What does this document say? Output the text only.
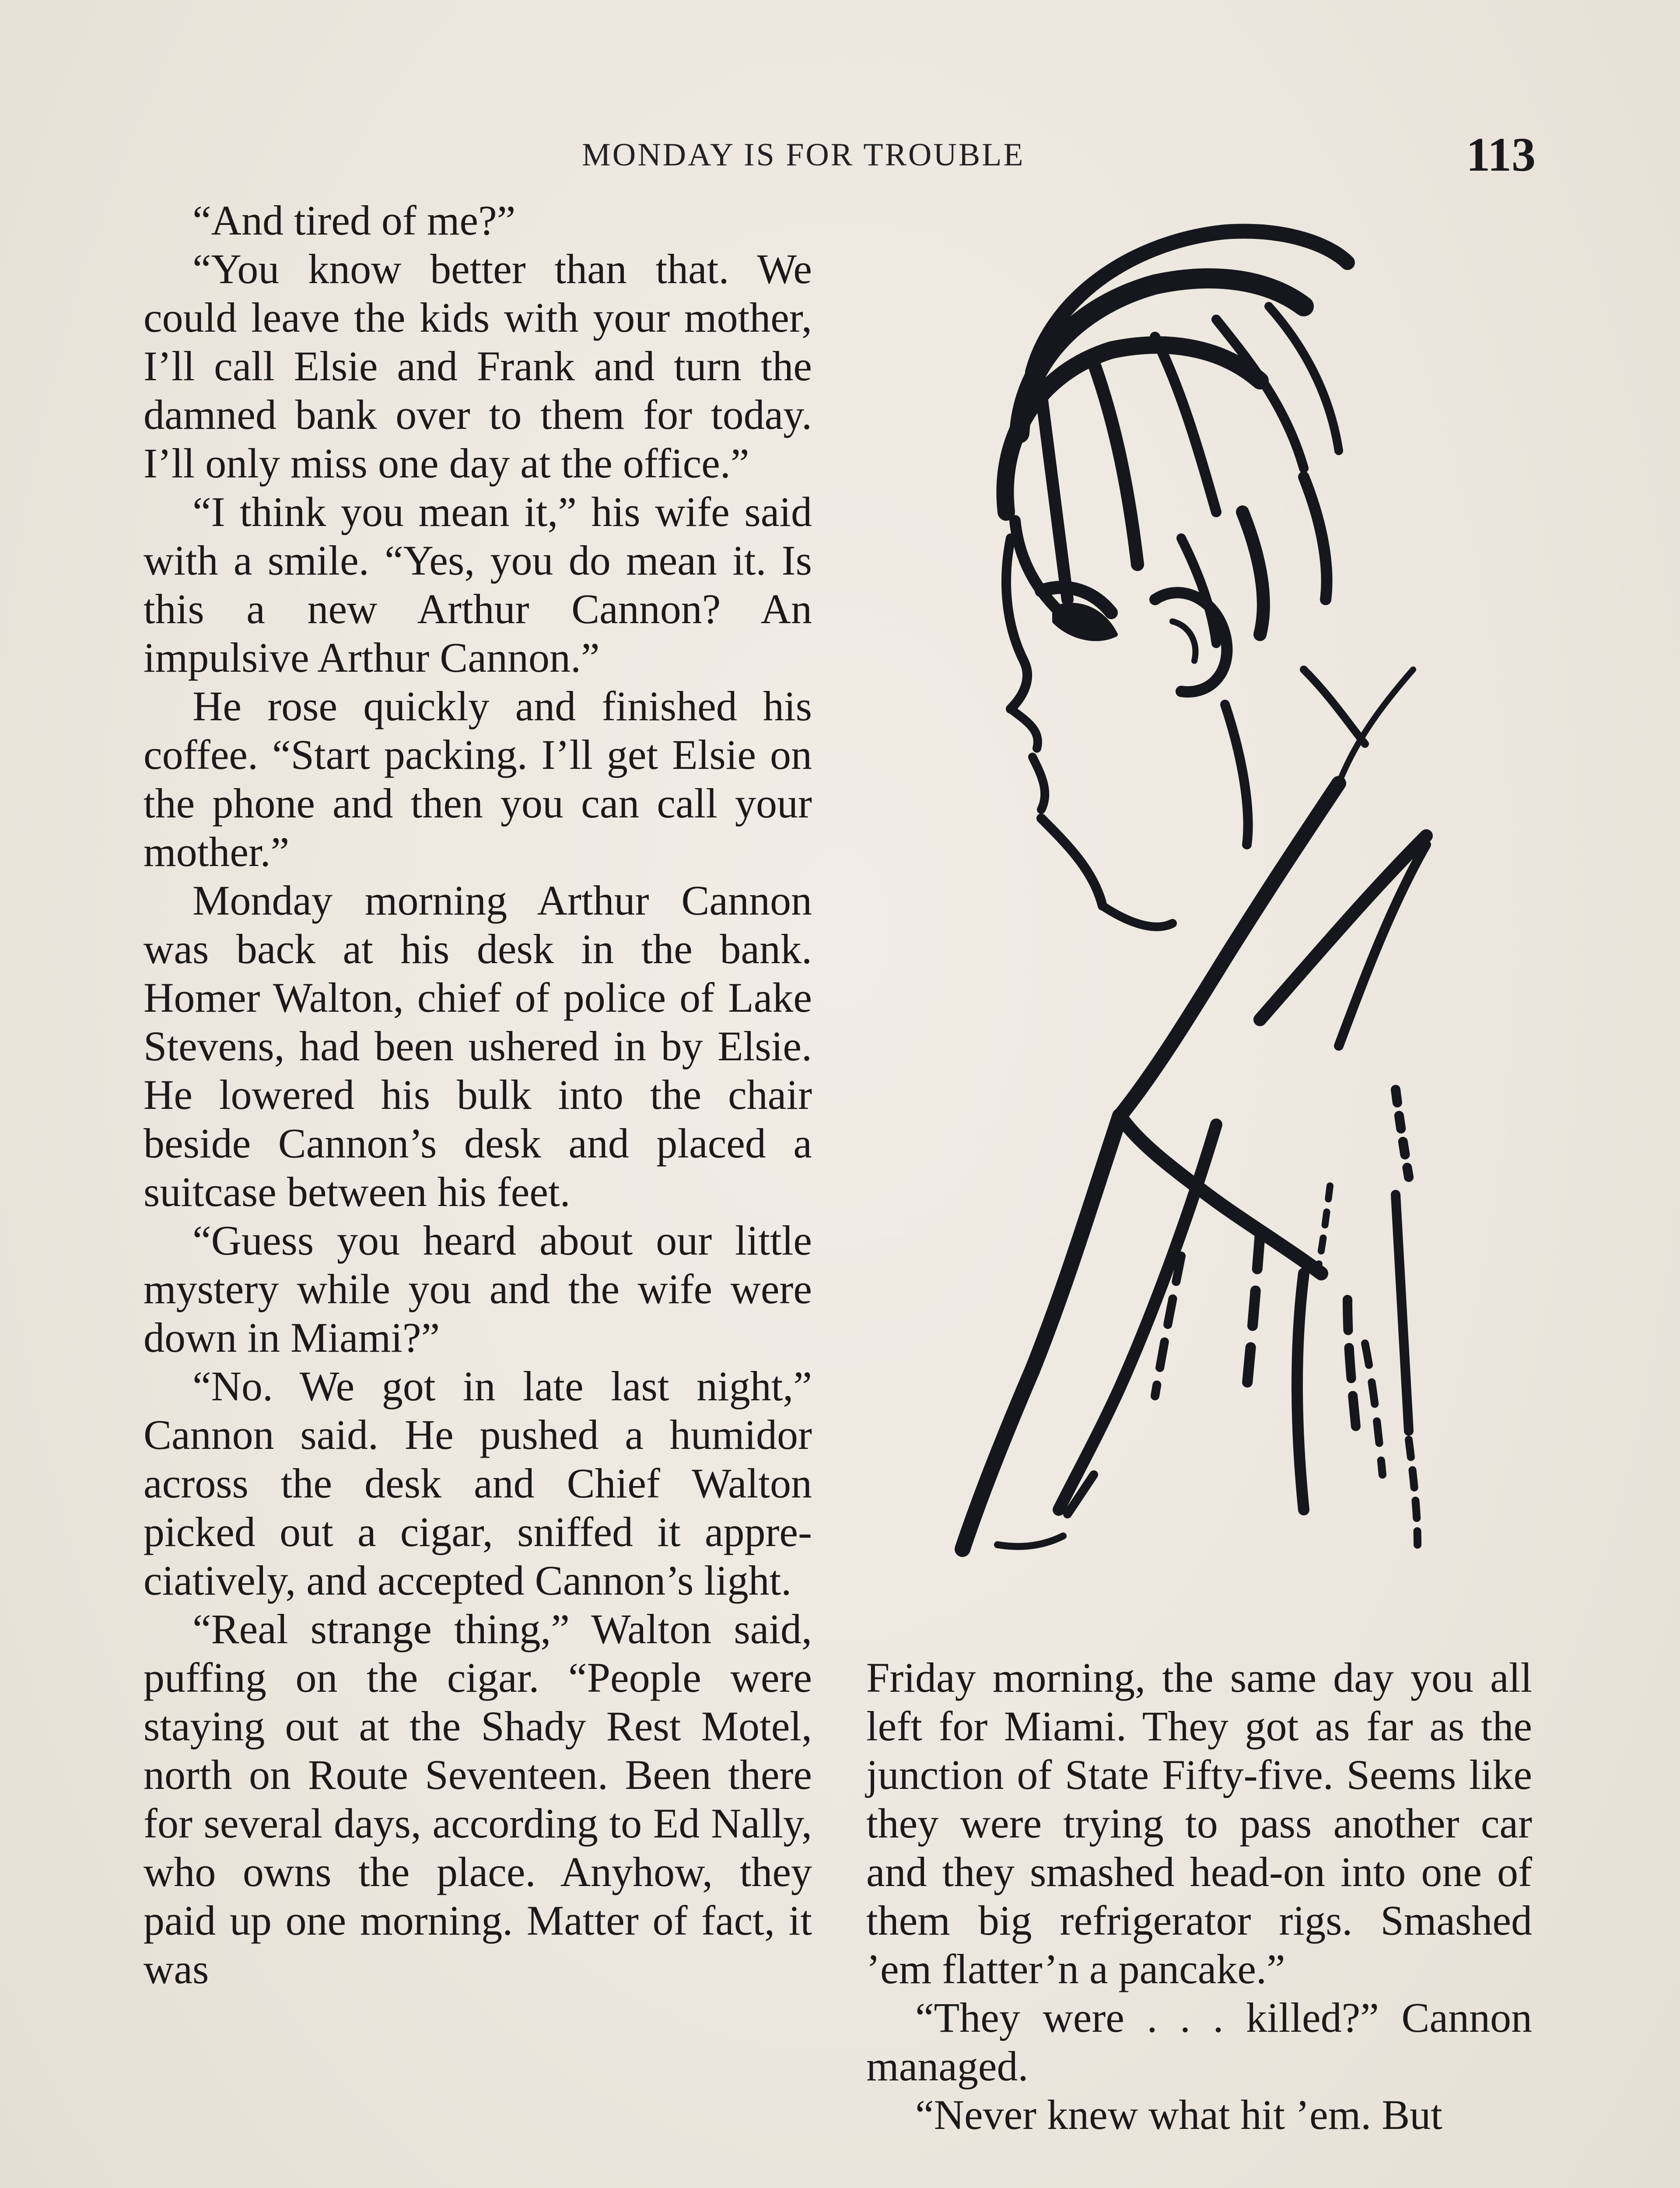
MONDAY IS FOR TROUBLE	113

“And tired of me?”

“You know better than that. We could leave the kids with your mother, I’ll call Elsie and Frank and turn the damned bank over to them for today. I’ll only miss one day at the office.”

“I think you mean it,” his wife said with a smile. “Yes, you do mean it. Is this a new Arthur Cannon? An impulsive Arthur Cannon.”

He rose quickly and finished his coffee. “Start packing. I’ll get Elsie on the phone and then you can call your mother.”

Monday morning Arthur Cannon was back at his desk in the bank. Homer Walton, chief of police of Lake Stevens, had been ushered in by Elsie. He lowered his bulk into the chair beside Cannon’s desk and placed a suitcase between his feet.

“Guess you heard about our little mystery while you and the wife were down in Miami?”

“No. We got in late last night,” Cannon said. He pushed a humidor across the desk and Chief Walton picked out a cigar, sniffed it appreciatively, and accepted Cannon’s light.

“Real strange thing,” Walton said, puffing on the cigar. “People were staying out at the Shady Rest Motel, north on Route Seventeen. Been there for several days, according to Ed Nally, who owns the place. Anyhow, they paid up one morning. Matter of fact, it was

Friday morning, the same day you all left for Miami. They got as far as the junction of State Fifty-five. Seems like they were trying to pass another car and they smashed head-on into one of them big refrigerator rigs. Smashed ’em flatter’n a pancake.”

“They were . . . killed?” Cannon managed.

“Never knew what hit ’em. But
